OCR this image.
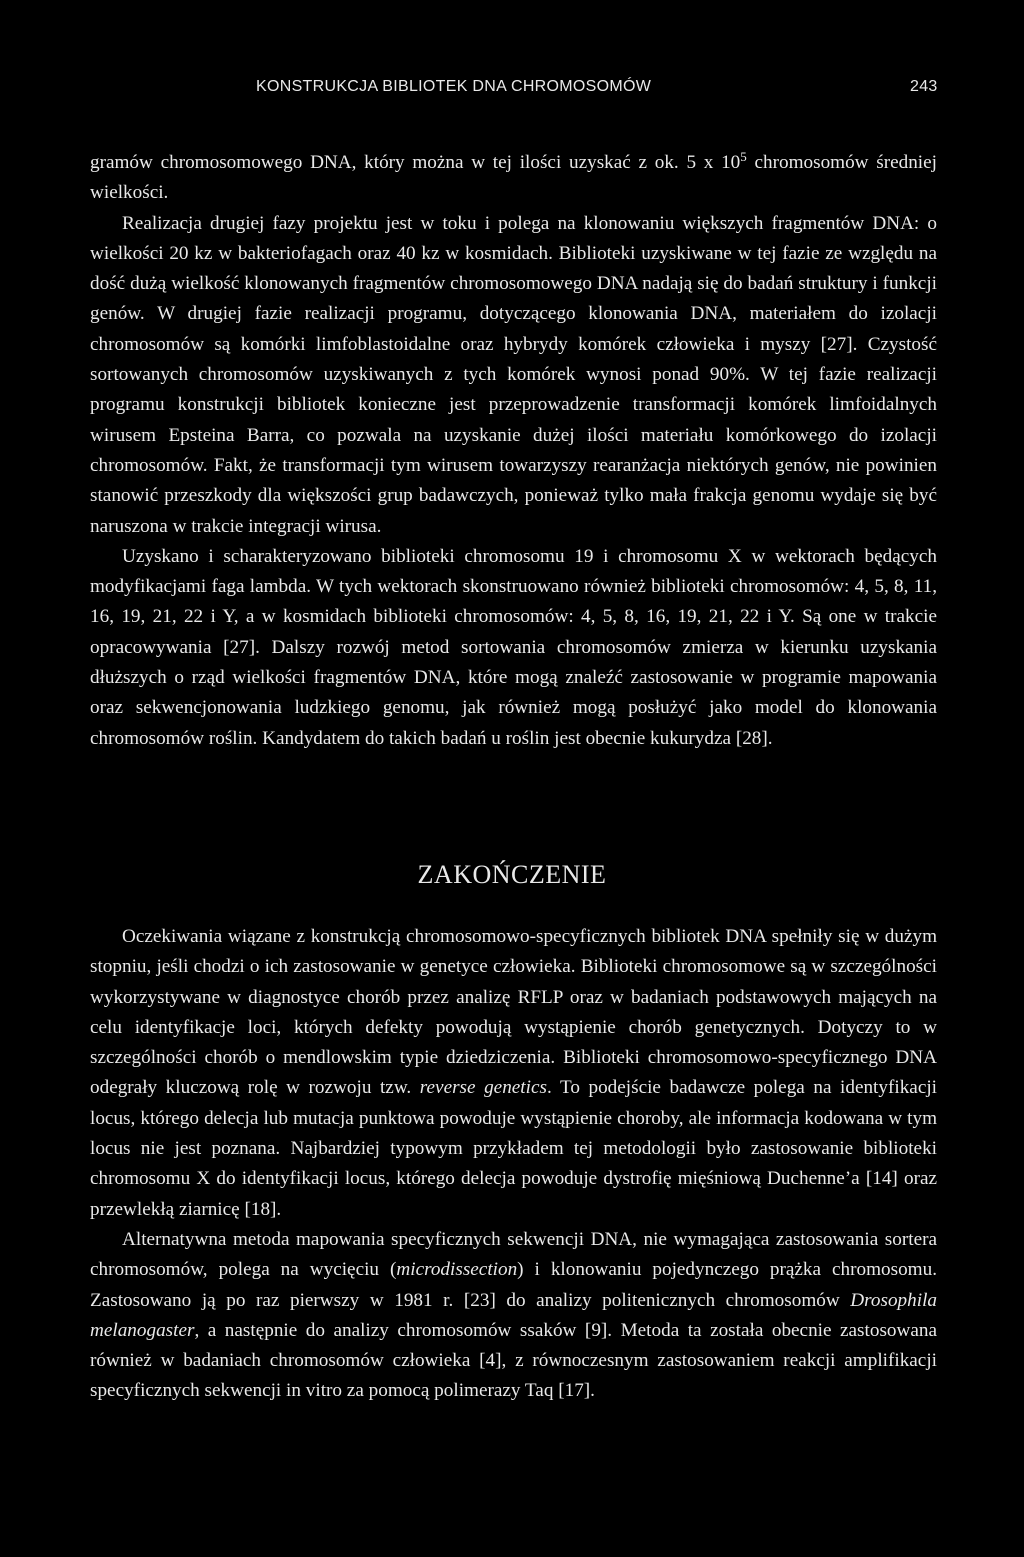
KONSTRUKCJA BIBLIOTEK DNA CHROMOSOMÓW	243

gramów chromosomowego DNA, który można w tej ilości uzyskać z ok. 5 x $10^5$ chromosomów średniej wielkości.

Realizacja drugiej fazy projektu jest w toku i polega na klonowaniu większych fragmentów DNA: o wielkości 20 kz w bakteriofagach oraz 40 kz w kosmidach. Biblioteki uzyskiwane w tej fazie ze względu na dość dużą wielkość klonowanych fragmentów chromosomowego DNA nadają się do badań struktury i funkcji genów. W drugiej fazie realizacji programu, dotyczącego klonowania DNA, materiałem do izolacji chromosomów są komórki limfoblastoidalne oraz hybrydy komórek człowieka i myszy [27]. Czystość sortowanych chromosomów uzyskiwanych z tych komórek wynosi ponad 90%. W tej fazie realizacji programu konstrukcji bibliotek konieczne jest przeprowadzenie transformacji komórek limfoidalnych wirusem Epsteina Barra, co pozwala na uzyskanie dużej ilości materiału komórkowego do izolacji chromosomów. Fakt, że transformacji tym wirusem towarzyszy rearanżacja niektórych genów, nie powinien stanowić przeszkody dla większości grup badawczych, ponieważ tylko mała frakcja genomu wydaje się być naruszona w trakcie integracji wirusa.

Uzyskano i scharakteryzowano biblioteki chromosomu 19 i chromosomu X w wektorach będących modyfikacjami faga lambda. W tych wektorach skonstruowano również biblioteki chromosomów: 4, 5, 8, 11, 16, 19, 21, 22 i Y, a w kosmidach biblioteki chromosomów: 4, 5, 8, 16, 19, 21, 22 i Y. Są one w trakcie opracowywania [27]. Dalszy rozwój metod sortowania chromosomów zmierza w kierunku uzyskania dłuższych o rząd wielkości fragmentów DNA, które mogą znaleźć zastosowanie w programie mapowania oraz sekwencjonowania ludzkiego genomu, jak również mogą posłużyć jako model do klonowania chromosomów roślin. Kandydatem do takich badań u roślin jest obecnie kukurydza [28].

ZAKOŃCZENIE

Oczekiwania wiązane z konstrukcją chromosomowo-specyficznych bibliotek DNA spełniły się w dużym stopniu, jeśli chodzi o ich zastosowanie w genetyce człowieka. Biblioteki chromosomowe są w szczególności wykorzystywane w diagnostyce chorób przez analizę RFLP oraz w badaniach podstawowych mających na celu identyfikacje loci, których defekty powodują wystąpienie chorób genetycznych. Dotyczy to w szczególności chorób o mendlowskim typie dziedziczenia. Biblioteki chromosomowo-specyficznego DNA odegrały kluczową rolę w rozwoju tzw. reverse genetics. To podejście badawcze polega na identyfikacji locus, którego delecja lub mutacja punktowa powoduje wystąpienie choroby, ale informacja kodowana w tym locus nie jest poznana. Najbardziej typowym przykładem tej metodologii było zastosowanie biblioteki chromosomu X do identyfikacji locus, którego delecja powoduje dystrofię mięśniową Duchenne’a [14] oraz przewlekłą ziarnicę [18].

Alternatywna metoda mapowania specyficznych sekwencji DNA, nie wymagająca zastosowania sortera chromosomów, polega na wycięciu (microdissection) i klonowaniu pojedynczego prążka chromosomu. Zastosowano ją po raz pierwszy w 1981 r. [23] do analizy politenicznych chromosomów Drosophila melanogaster, a następnie do analizy chromosomów ssaków [9]. Metoda ta została obecnie zastosowana również w badaniach chromosomów człowieka [4], z równoczesnym zastosowaniem reakcji amplifikacji specyficznych sekwencji in vitro za pomocą polimerazy Taq [17].
